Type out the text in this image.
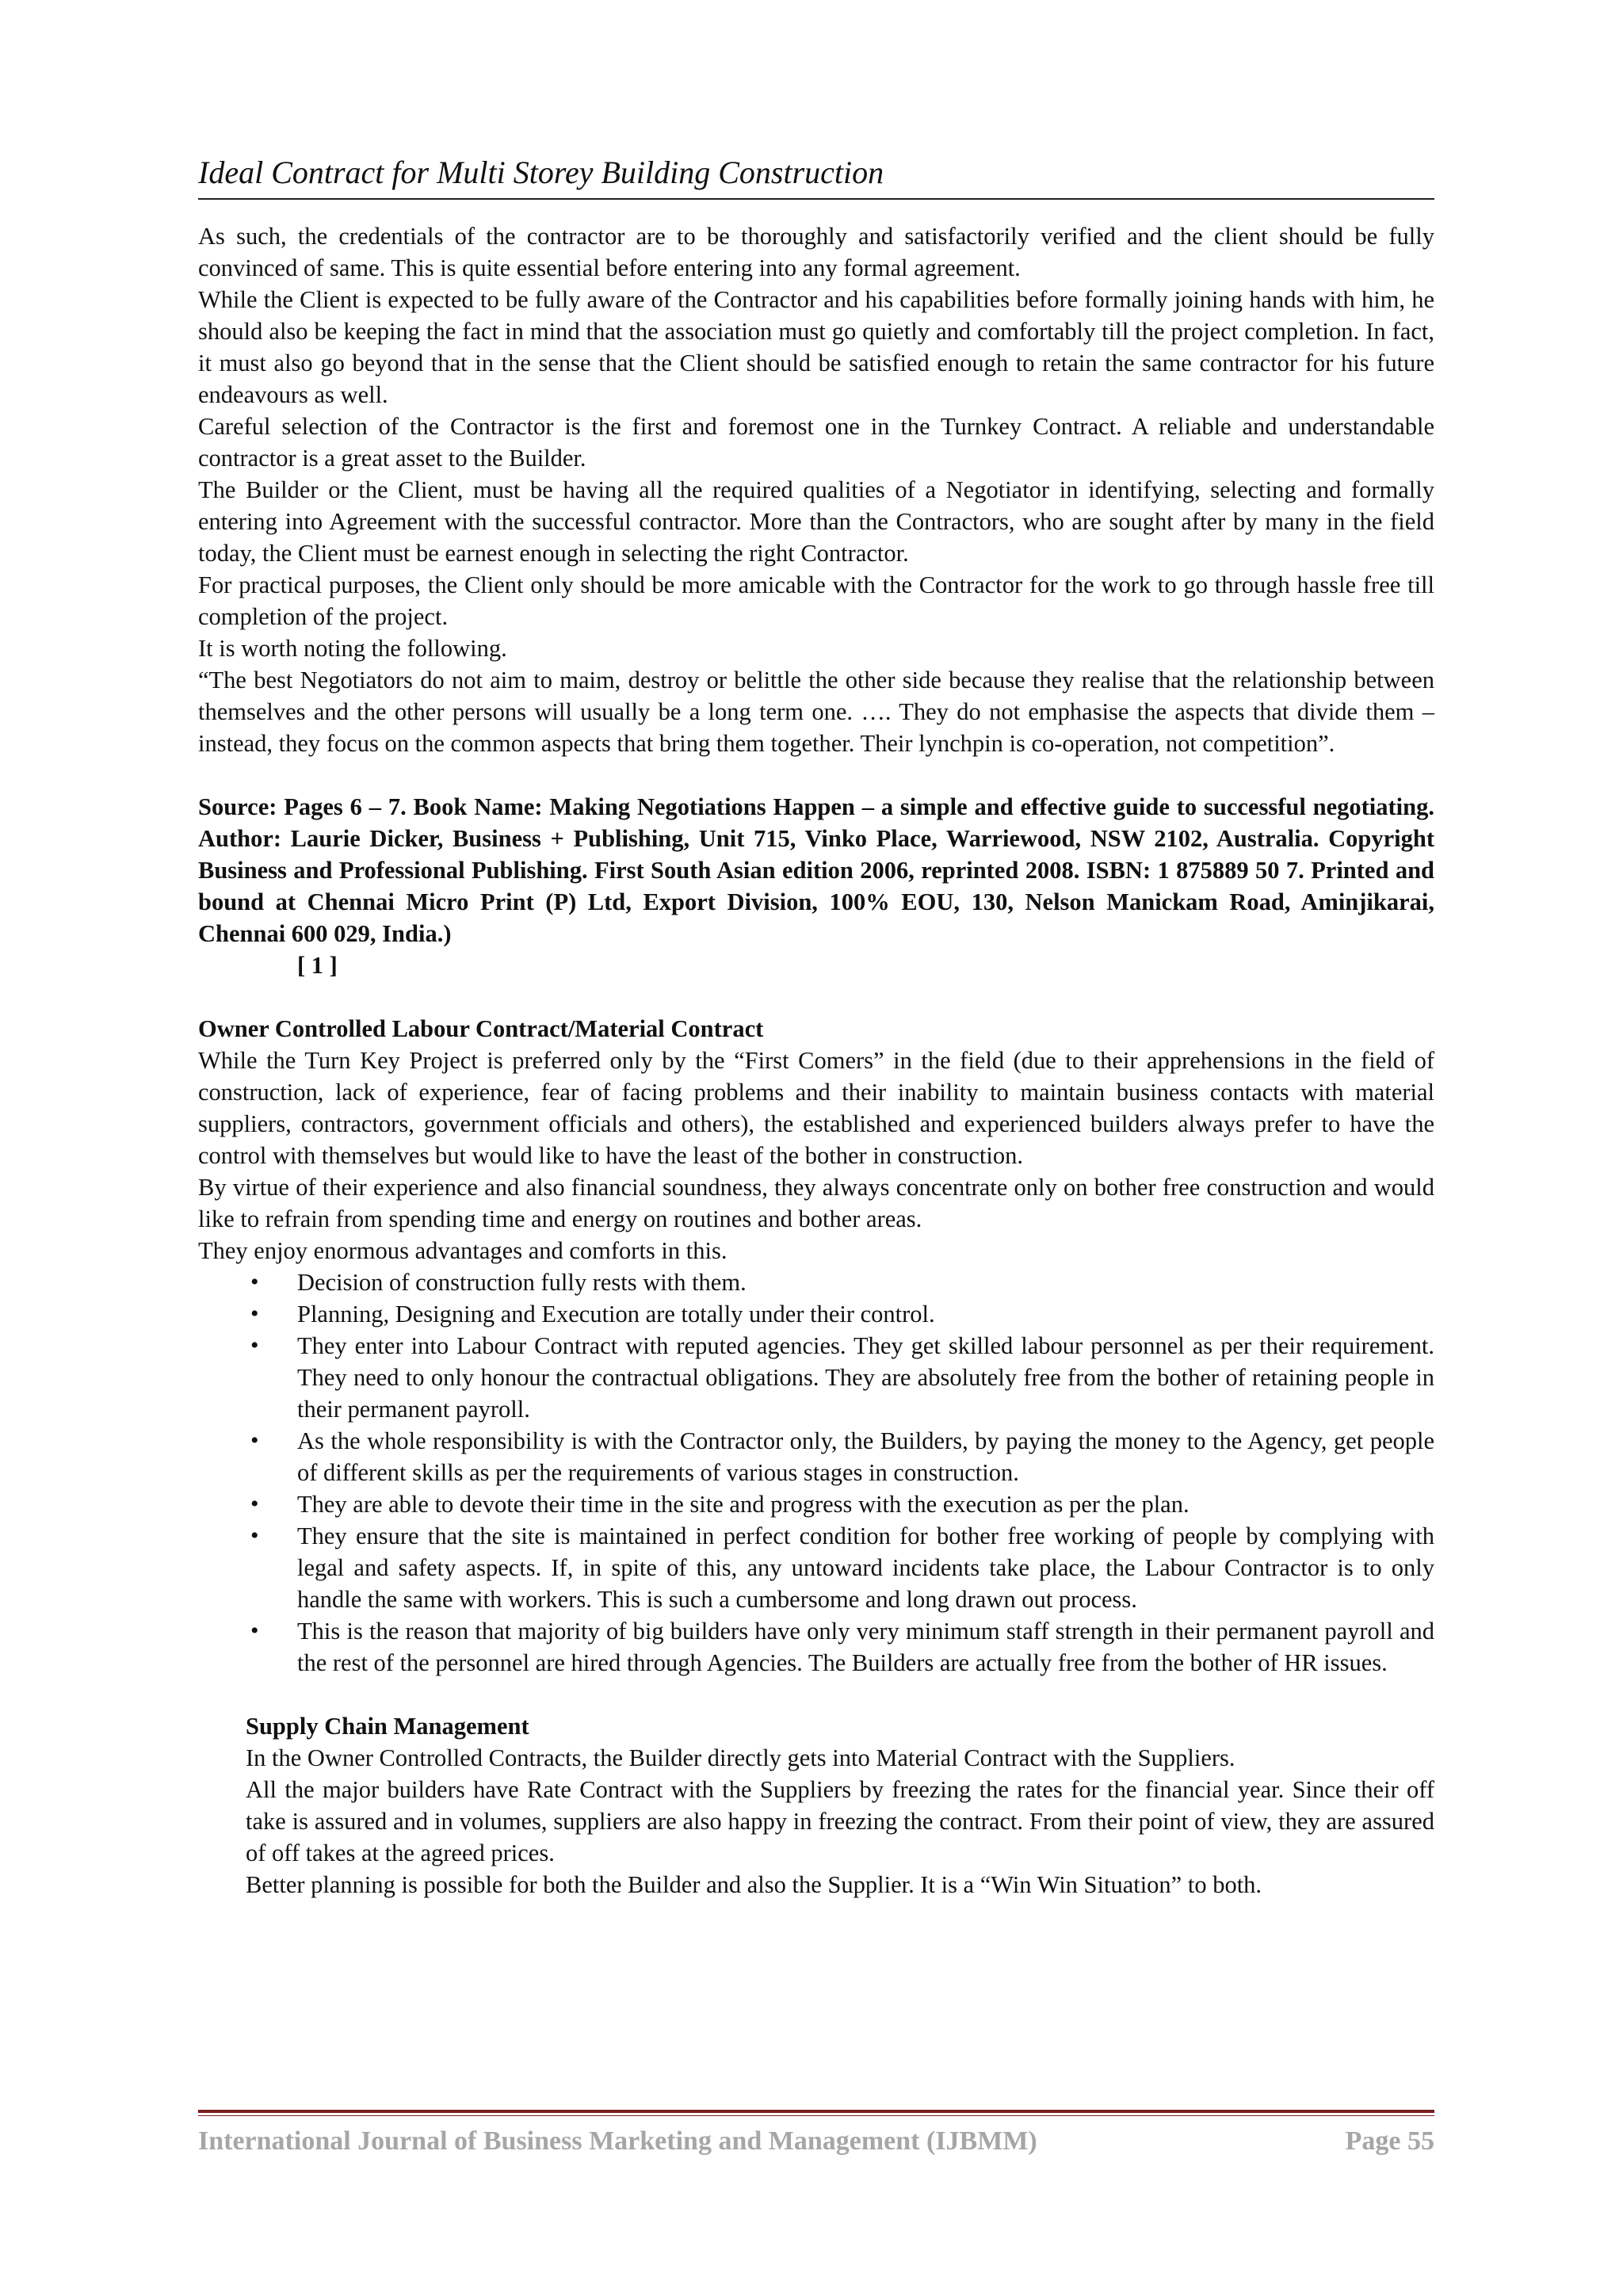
Ideal Contract for Multi Storey Building Construction

As such, the credentials of the contractor are to be thoroughly and satisfactorily verified and the client should be fully convinced of same. This is quite essential before entering into any formal agreement.

While the Client is expected to be fully aware of the Contractor and his capabilities before formally joining hands with him, he should also be keeping the fact in mind that the association must go quietly and comfortably till the project completion. In fact, it must also go beyond that in the sense that the Client should be satisfied enough to retain the same contractor for his future endeavours as well.

Careful selection of the Contractor is the first and foremost one in the Turnkey Contract. A reliable and understandable contractor is a great asset to the Builder.

The Builder or the Client, must be having all the required qualities of a Negotiator in identifying, selecting and formally entering into Agreement with the successful contractor. More than the Contractors, who are sought after by many in the field today, the Client must be earnest enough in selecting the right Contractor.

For practical purposes, the Client only should be more amicable with the Contractor for the work to go through hassle free till completion of the project.

It is worth noting the following.

“The best Negotiators do not aim to maim, destroy or belittle the other side because they realise that the relationship between themselves and the other persons will usually be a long term one. …. They do not emphasise the aspects that divide them – instead, they focus on the common aspects that bring them together. Their lynchpin is co-operation, not competition”.

Source: Pages 6 – 7. Book Name: Making Negotiations Happen – a simple and effective guide to successful negotiating. Author: Laurie Dicker, Business + Publishing, Unit 715, Vinko Place, Warriewood, NSW 2102, Australia. Copyright Business and Professional Publishing. First South Asian edition 2006, reprinted 2008. ISBN: 1 875889 50 7. Printed and bound at Chennai Micro Print (P) Ltd, Export Division, 100% EOU, 130, Nelson Manickam Road, Aminjikarai, Chennai 600 029, India.)

[ 1 ]

Owner Controlled Labour Contract/Material Contract

While the Turn Key Project is preferred only by the “First Comers” in the field (due to their apprehensions in the field of construction, lack of experience, fear of facing problems and their inability to maintain business contacts with material suppliers, contractors, government officials and others), the established and experienced builders always prefer to have the control with themselves but would like to have the least of the bother in construction.

By virtue of their experience and also financial soundness, they always concentrate only on bother free construction and would like to refrain from spending time and energy on routines and bother areas.

They enjoy enormous advantages and comforts in this.

• Decision of construction fully rests with them.
• Planning, Designing and Execution are totally under their control.
• They enter into Labour Contract with reputed agencies. They get skilled labour personnel as per their requirement. They need to only honour the contractual obligations. They are absolutely free from the bother of retaining people in their permanent payroll.
• As the whole responsibility is with the Contractor only, the Builders, by paying the money to the Agency, get people of different skills as per the requirements of various stages in construction.
• They are able to devote their time in the site and progress with the execution as per the plan.
• They ensure that the site is maintained in perfect condition for bother free working of people by complying with legal and safety aspects. If, in spite of this, any untoward incidents take place, the Labour Contractor is to only handle the same with workers. This is such a cumbersome and long drawn out process.
• This is the reason that majority of big builders have only very minimum staff strength in their permanent payroll and the rest of the personnel are hired through Agencies. The Builders are actually free from the bother of HR issues.

Supply Chain Management

In the Owner Controlled Contracts, the Builder directly gets into Material Contract with the Suppliers.

All the major builders have Rate Contract with the Suppliers by freezing the rates for the financial year. Since their off take is assured and in volumes, suppliers are also happy in freezing the contract. From their point of view, they are assured of off takes at the agreed prices.

Better planning is possible for both the Builder and also the Supplier. It is a “Win Win Situation” to both.

International Journal of Business Marketing and Management (IJBMM)	Page 55
